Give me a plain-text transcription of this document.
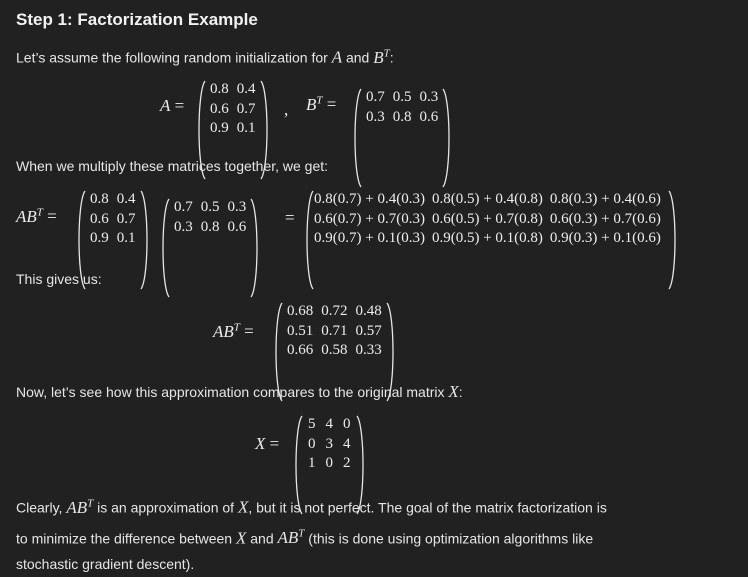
Step 1: Factorization Example
Let’s assume the following random initialization for A and $B^T$:
A =
0.8 0.4
0.6 0.7
0.9 0.1
, $B^T = 0.7$ 0.5 0.3
0.3 0.8 0.6
When we multiply these matrices together, we get:
$AB^T$ =
0.8 0.4
0.6 0.7
0.9 0.1
0.7 0.5 0.3
0.3 0.8 0.6 =
0.8(0.7) + 0.4(0.3) 0.8(0.5) + 0.4(0.8) 0.8(0.3) + 0.4(0.6)
0.6(0.7) + 0.7(0.3) 0.6(0.5) + 0.7(0.8) 0.6(0.3) + 0.7(0.6)
0.9(0.7) + 0.1(0.3) 0.9(0.5) + 0.1(0.8) 0.9(0.3) + 0.1(0.6)
This gives us:
$AB^T$ =
0.68 0.72 0.48
0.51 0.71 0.57
0.66 0.58 0.33
Now, let’s see how this approximation compares to the original matrix X:
X =
5 4 0
0 3 4
1 0 2
Clearly, $AB^T$ is an approximation of X, but it is not perfect. The goal of the matrix factorization is to minimize the difference between X and $AB^T$ (this is done using optimization algorithms like stochastic gradient descent).
